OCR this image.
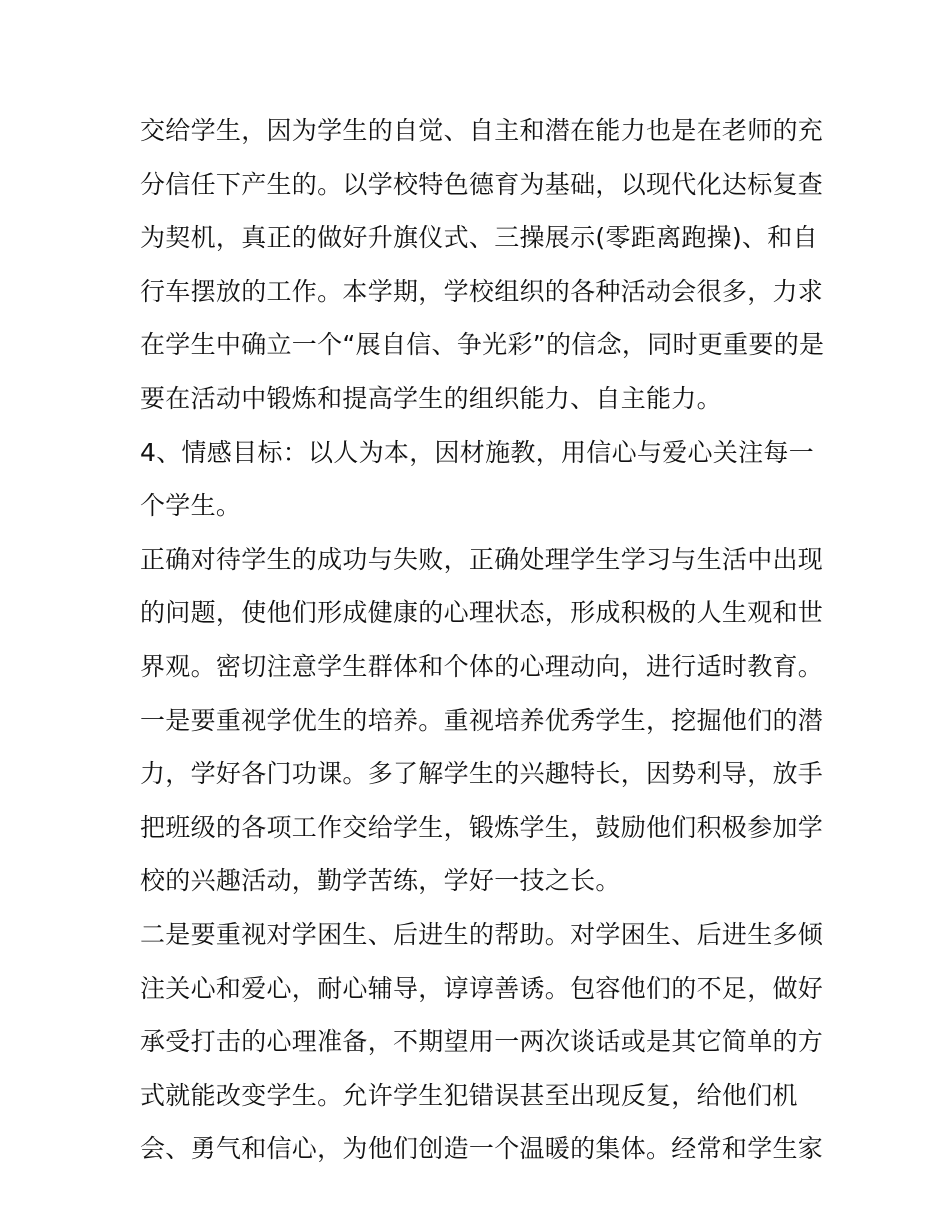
交给学生，因为学生的自觉、自主和潜在能力也是在老师的充
分信任下产生的。以学校特色德育为基础，以现代化达标复查
为契机，真正的做好升旗仪式、三操展示(零距离跑操)、和自
行车摆放的工作。本学期，学校组织的各种活动会很多，力求
在学生中确立一个“展自信、争光彩”的信念，同时更重要的是
要在活动中锻炼和提高学生的组织能力、自主能力。
4、情感目标：以人为本，因材施教，用信心与爱心关注每一
个学生。
正确对待学生的成功与失败，正确处理学生学习与生活中出现
的问题，使他们形成健康的心理状态，形成积极的人生观和世
界观。密切注意学生群体和个体的心理动向，进行适时教育。
一是要重视学优生的培养。重视培养优秀学生，挖掘他们的潜
力，学好各门功课。多了解学生的兴趣特长，因势利导，放手
把班级的各项工作交给学生，锻炼学生，鼓励他们积极参加学
校的兴趣活动，勤学苦练，学好一技之长。
二是要重视对学困生、后进生的帮助。对学困生、后进生多倾
注关心和爱心，耐心辅导，谆谆善诱。包容他们的不足，做好
承受打击的心理准备，不期望用一两次谈话或是其它简单的方
式就能改变学生。允许学生犯错误甚至出现反复，给他们机
会、勇气和信心，为他们创造一个温暖的集体。经常和学生家
